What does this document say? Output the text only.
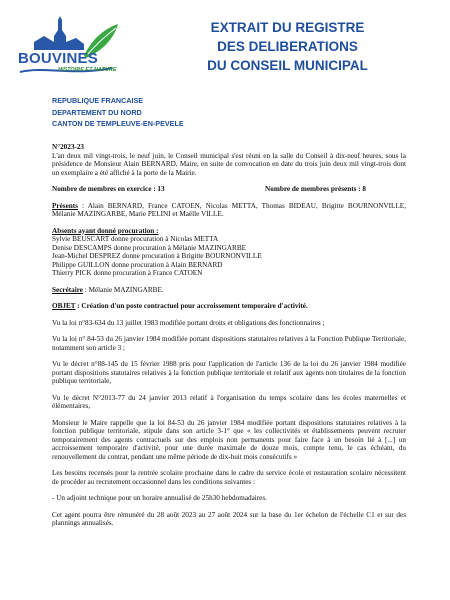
BOUVINES
HISTOIRE ET NATURE
EXTRAIT DU REGISTRE
DES DELIBERATIONS
DU CONSEIL MUNICIPAL
REPUBLIQUE FRANCAISE
DEPARTEMENT DU NORD
CANTON DE TEMPLEUVE-EN-PEVELE

N°2023-23

L'an deux mil vingt-trois, le neuf juin, le Conseil municipal s'est réuni en la salle du Conseil à dix-neuf heures, sous la présidence de Monsieur Alain BERNARD, Maire, en suite de convocation en date du trois juin deux mil vingt-trois dont un exemplaire a été affiché à la porte de la Mairie.

Nombre de membres en exercice : 13	Nombre de membres présents : 8

Présents : Alain BERNARD, France CATOEN, Nicolas METTA, Thomas BIDEAU, Brigitte BOURNONVILLE, Mélanie MAZINGARBE, Marie PELINI et Maëlle VILLE.

Absents ayant donné procuration :

Sylvie BEUSCART donne procuration à Nicolas METTA

Denise DESCAMPS donne procuration à Mélanie MAZINGARBE

Jean-Michel DESPREZ donne procuration à Brigitte BOURNONVILLE

Philippe GUILLON donne procuration à Alain BERNARD

Thierry PICK donne procuration à France CATOEN

Secrétaire : Mélanie MAZINGARBE.

OBJET : Création d'un poste contractuel pour accroissement temporaire d'activité.

Vu la loi n°83-634 du 13 juillet 1983 modifiée portant droits et obligations des fonctionnaires ;

Vu la loi n° 84-53 du 26 janvier 1984 modifiée portant dispositions statutaires relatives à la Fonction Publique Territoriale, notamment son article 3 ;

Vu le décret n°88-145 du 15 février 1988 pris pour l'application de l'article 136 de la loi du 26 janvier 1984 modifiée portant dispositions statutaires relatives à la fonction publique territoriale et relatif aux agents non titulaires de la fonction publique territoriale,

Vu le décret N°2013-77 du 24 janvier 2013 relatif à l'organisation du temps scolaire dans les écoles maternelles et élémentaires,

Monsieur le Maire rappelle que la loi 84-53 du 26 janvier 1984 modifiée portant dispositions statutaires relatives à la fonction publique territoriale, stipule dans son article 3-1° que « les collectivités et établissements peuvent recruter temporairement des agents contractuels sur des emplois non permanents pour faire face à un besoin lié à [...] un accroissement temporaire d'activité, pour une durée maximale de douze mois, compte tenu, le cas échéant, du renouvellement du contrat, pendant une même période de dix-huit mois consécutifs »

Les besoins recensés pour la rentrée scolaire prochaine dans le cadre du service école et restauration scolaire nécessitent de procéder au recrutement occasionnel dans les conditions suivantes :

- Un adjoint technique pour un horaire annualisé de 25h30 hebdomadaires.

Cet agent pourra être rémunéré du 28 août 2023 au 27 août 2024 sur la base du 1er échelon de l'échelle C1 et sur des plannings annualisés.
